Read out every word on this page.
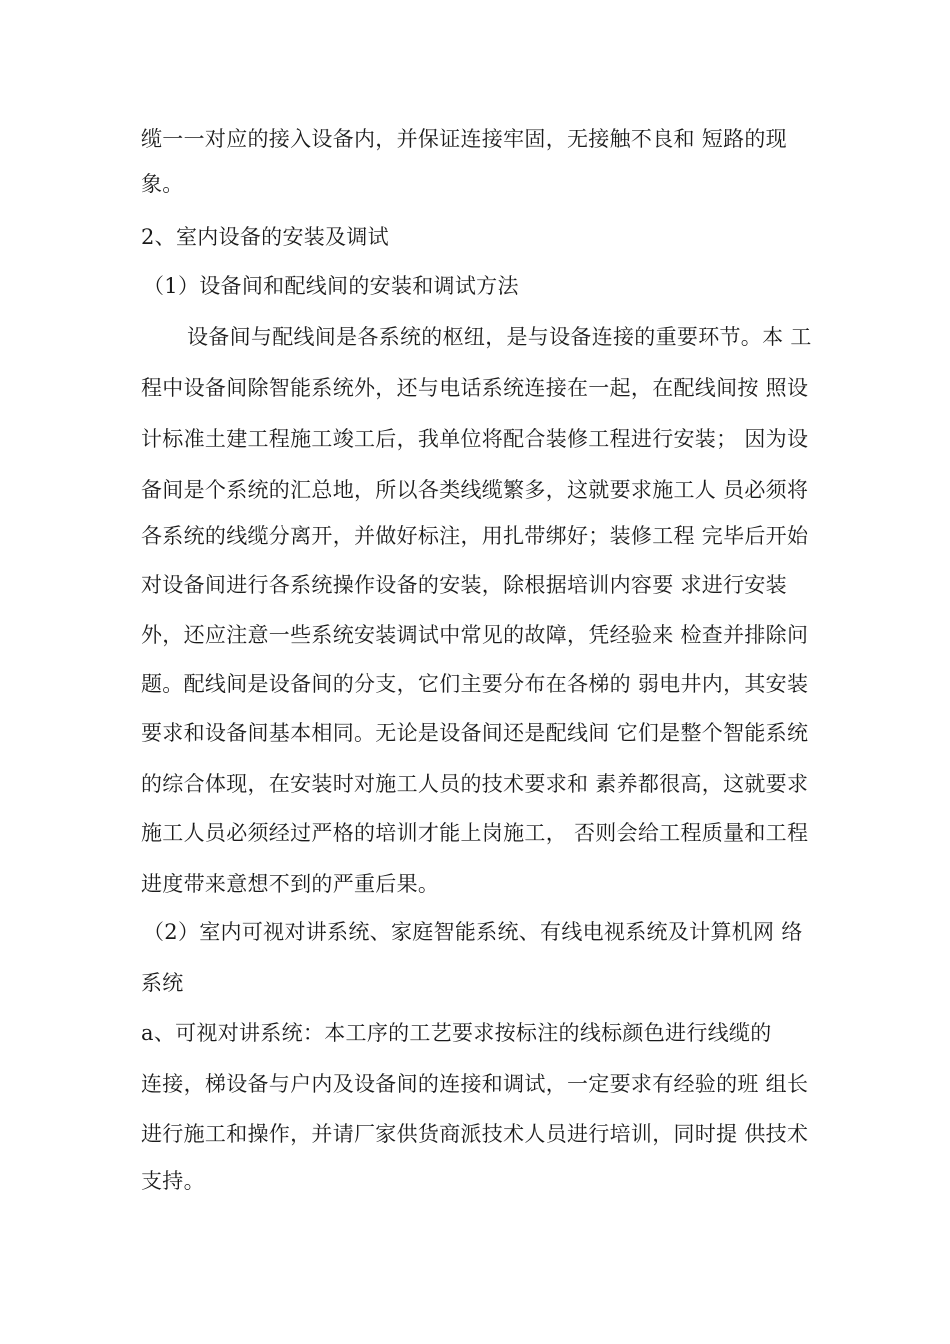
缆一一对应的接入设备内，并保证连接牢固，无接触不良和 短路的现
象。
2、室内设备的安装及调试
（1）设备间和配线间的安装和调试方法
设备间与配线间是各系统的枢纽，是与设备连接的重要环节。本 工
程中设备间除智能系统外，还与电话系统连接在一起，在配线间按 照设
计标准土建工程施工竣工后，我单位将配合装修工程进行安装； 因为设
备间是个系统的汇总地，所以各类线缆繁多，这就要求施工人 员必须将
各系统的线缆分离开，并做好标注，用扎带绑好；装修工程 完毕后开始
对设备间进行各系统操作设备的安装，除根据培训内容要 求进行安装
外，还应注意一些系统安装调试中常见的故障，凭经验来 检查并排除问
题。配线间是设备间的分支，它们主要分布在各梯的 弱电井内，其安装
要求和设备间基本相同。无论是设备间还是配线间 它们是整个智能系统
的综合体现，在安装时对施工人员的技术要求和 素养都很高，这就要求
施工人员必须经过严格的培训才能上岗施工， 否则会给工程质量和工程
进度带来意想不到的严重后果。
（2）室内可视对讲系统、家庭智能系统、有线电视系统及计算机网 络
系统
a、可视对讲系统：本工序的工艺要求按标注的线标颜色进行线缆的
连接，梯设备与户内及设备间的连接和调试，一定要求有经验的班 组长
进行施工和操作，并请厂家供货商派技术人员进行培训，同时提 供技术
支持。
